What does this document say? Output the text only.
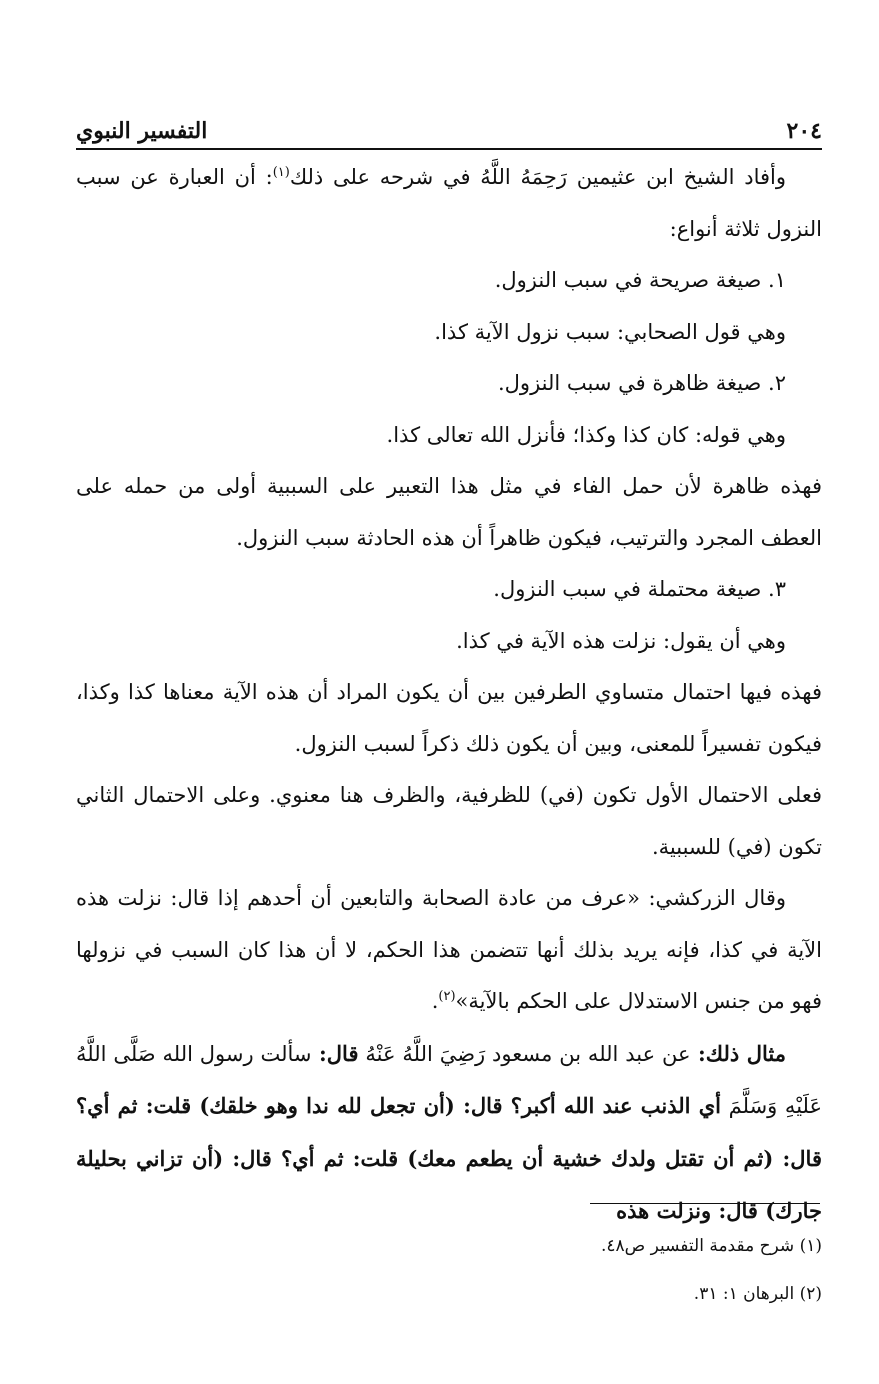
٢٠٤
التفسير النبوي

وأفاد الشيخ ابن عثيمين رَحِمَهُ اللَّهُ في شرحه على ذلك$^{(١)}$: أن العبارة عن سبب النزول ثلاثة أنواع:

١. صيغة صريحة في سبب النزول.

وهي قول الصحابي: سبب نزول الآية كذا.

٢. صيغة ظاهرة في سبب النزول.

وهي قوله: كان كذا وكذا؛ فأنزل الله تعالى كذا.

فهذه ظاهرة لأن حمل الفاء في مثل هذا التعبير على السببية أولى من حمله على العطف المجرد والترتيب، فيكون ظاهراً أن هذه الحادثة سبب النزول.

٣. صيغة محتملة في سبب النزول.

وهي أن يقول: نزلت هذه الآية في كذا.

فهذه فيها احتمال متساوي الطرفين بين أن يكون المراد أن هذه الآية معناها كذا وكذا، فيكون تفسيراً للمعنى، وبين أن يكون ذلك ذكراً لسبب النزول.

فعلى الاحتمال الأول تكون (في) للظرفية، والظرف هنا معنوي. وعلى الاحتمال الثاني تكون (في) للسببية.

وقال الزركشي: «عرف من عادة الصحابة والتابعين أن أحدهم إذا قال: نزلت هذه الآية في كذا، فإنه يريد بذلك أنها تتضمن هذا الحكم، لا أن هذا كان السبب في نزولها فهو من جنس الاستدلال على الحكم بالآية»$^{(٢)}$.

مثال ذلك: عن عبد الله بن مسعود رَضِيَ اللَّهُ عَنْهُ قال: سألت رسول الله صَلَّى اللَّهُ عَلَيْهِ وَسَلَّمَ أي الذنب عند الله أكبر؟ قال: (أن تجعل لله ندا وهو خلقك) قلت: ثم أي؟ قال: (ثم أن تقتل ولدك خشية أن يطعم معك) قلت: ثم أي؟ قال: (أن تزاني بحليلة جارك) قال: ونزلت هذه

(١) شرح مقدمة التفسير ص٤٨.

(٢) البرهان ١: ٣١.
